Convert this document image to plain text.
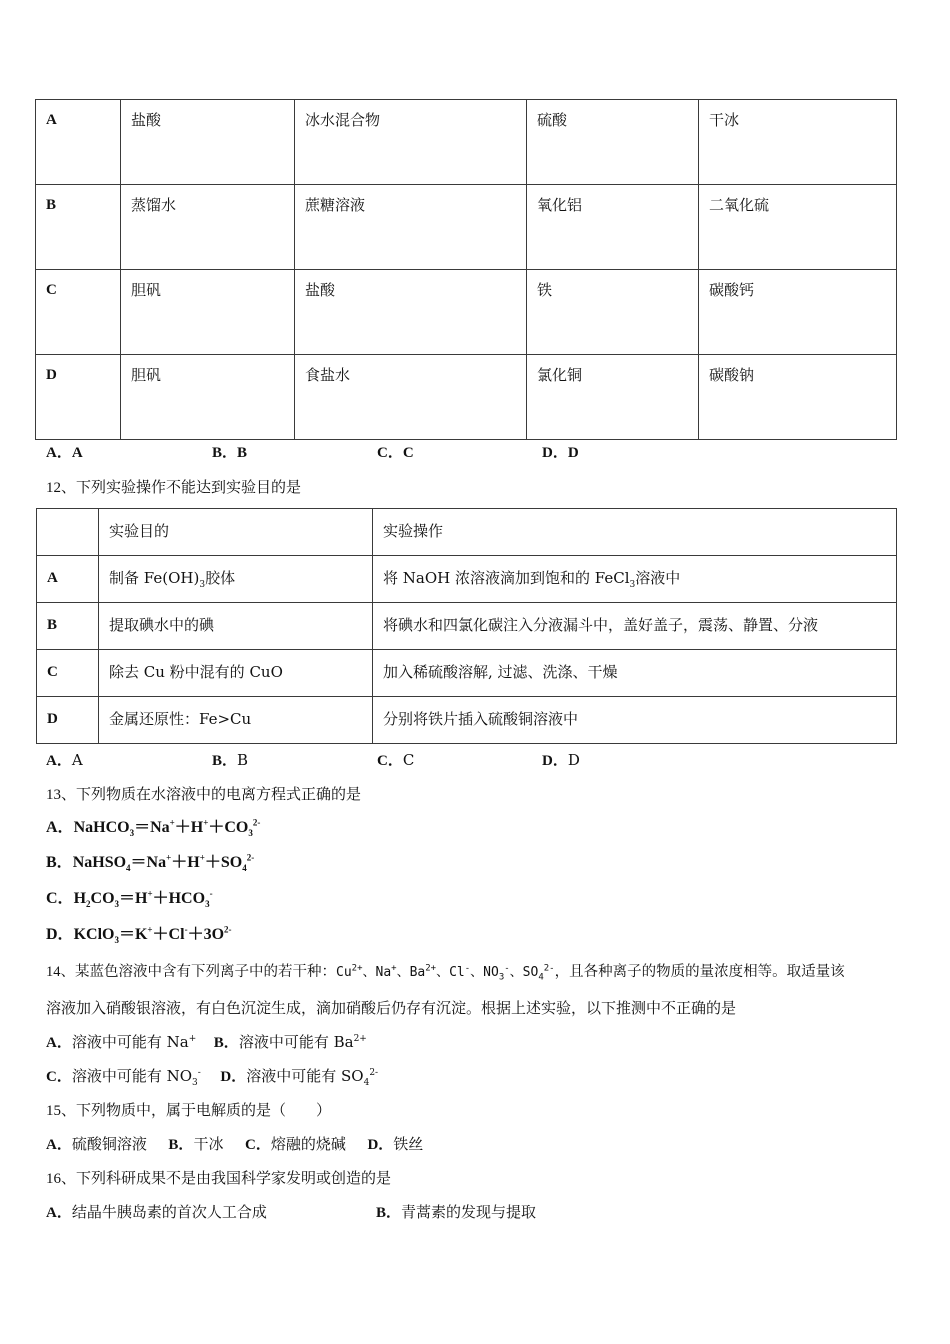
A	盐酸	冰水混合物	硫酸	干冰

B	蒸馏水	蔗糖溶液	氧化铝	二氧化硫

C	胆矾	盐酸	铁	碳酸钙

D	胆矾	食盐水	氯化铜	碳酸钠
A．A	B．B	C．C	D．D
12、下列实验操作不能达到实验目的是

	实验目的	实验操作

A	制备 $Fe(OH)_3$胶体	将 NaOH 浓溶液滴加到饱和的 FeCl$_3$溶液中

B	提取碘水中的碘	将碘水和四氯化碳注入分液漏斗中，盖好盖子，震荡、静置、分液

C	除去 Cu 粉中混有的 CuO	加入稀硫酸溶解, 过滤、洗涤、干燥

D	金属还原性：Fe>Cu	分别将铁片插入硫酸铜溶液中
A．A	B．B	C．C	D．D
13、下列物质在水溶液中的电离方程式正确的是
A．$NaHCO_3=Na^++H^++CO_3^{2-}$
B．$NaHSO_4=Na^++H^++SO_4^{2-}$
C．$H_2CO_3=H^++HCO_3^-$
D．$KClO_3=K^++Cl^-+3O^{2-}$
14、某蓝色溶液中含有下列离子中的若干种：$Cu^{2+}$、Na+、$Ba^{2+}$、Cl-、$NO_3^-$、$SO_4^{2-}$，且各种离子的物质的量浓度相等。取适量该
溶液加入硝酸银溶液，有白色沉淀生成，滴加硝酸后仍存有沉淀。根据上述实验，以下推测中不正确的是
A．溶液中可能有 Na+ B．溶液中可能有 $Ba^{2+}$
C．溶液中可能有 $NO_3^-$ D．溶液中可能有 $SO_4^{2-}$
15、下列物质中，属于电解质的是（　　）
A．硫酸铜溶液 B．干冰 C．熔融的烧碱 D．铁丝
16、下列科研成果不是由我国科学家发明或创造的是
A．结晶牛胰岛素的首次人工合成	B．青蒿素的发现与提取
